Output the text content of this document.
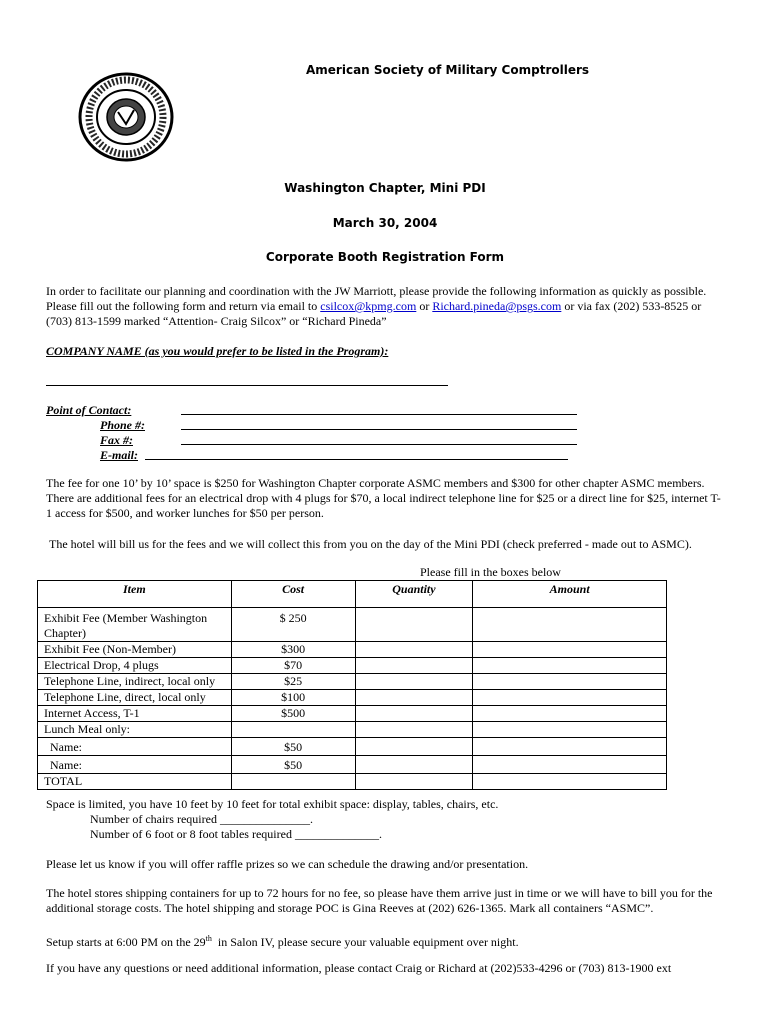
American Society of Military Comptrollers
Washington Chapter, Mini PDI
March 30, 2004
Corporate Booth Registration Form
In order to facilitate our planning and coordination with the JW Marriott, please provide the following information as quickly as possible. Please fill out the following form and return via email to csilcox@kpmg.com or Richard.pineda@psgs.com or via fax (202) 533-8525 or (703) 813-1599 marked “Attention- Craig Silcox” or “Richard Pineda”
COMPANY NAME (as you would prefer to be listed in the Program):
Point of Contact:
Phone #:
Fax #:
E-mail:
The fee for one 10’ by 10’ space is $250 for Washington Chapter corporate ASMC members and $300 for other chapter ASMC members. There are additional fees for an electrical drop with 4 plugs for $70, a local indirect telephone line for $25 or a direct line for $25, internet T-1 access for $500, and worker lunches for $50 per person.
The hotel will bill us for the fees and we will collect this from you on the day of the Mini PDI (check preferred - made out to ASMC).
Please fill in the boxes below
Item	Cost	Quantity	Amount
Exhibit Fee (Member Washington Chapter)	$ 250		
Exhibit Fee (Non-Member)	$300		
Electrical Drop, 4 plugs	$70		
Telephone Line, indirect, local only	$25		
Telephone Line, direct, local only	$100		
Internet Access, T-1	$500		
Lunch Meal only:			
Name:	$50		
Name:	$50		
TOTAL			
Space is limited, you have 10 feet by 10 feet for total exhibit space: display, tables, chairs, etc.
Number of chairs required _______________.
Number of 6 foot or 8 foot tables required ______________.
Please let us know if you will offer raffle prizes so we can schedule the drawing and/or presentation.
The hotel stores shipping containers for up to 72 hours for no fee, so please have them arrive just in time or we will have to bill you for the additional storage costs. The hotel shipping and storage POC is Gina Reeves at (202) 626-1365. Mark all containers “ASMC”.
Setup starts at 6:00 PM on the 29th  in Salon IV, please secure your valuable equipment over night.
If you have any questions or need additional information, please contact Craig or Richard at (202)533-4296 or (703) 813-1900 ext
